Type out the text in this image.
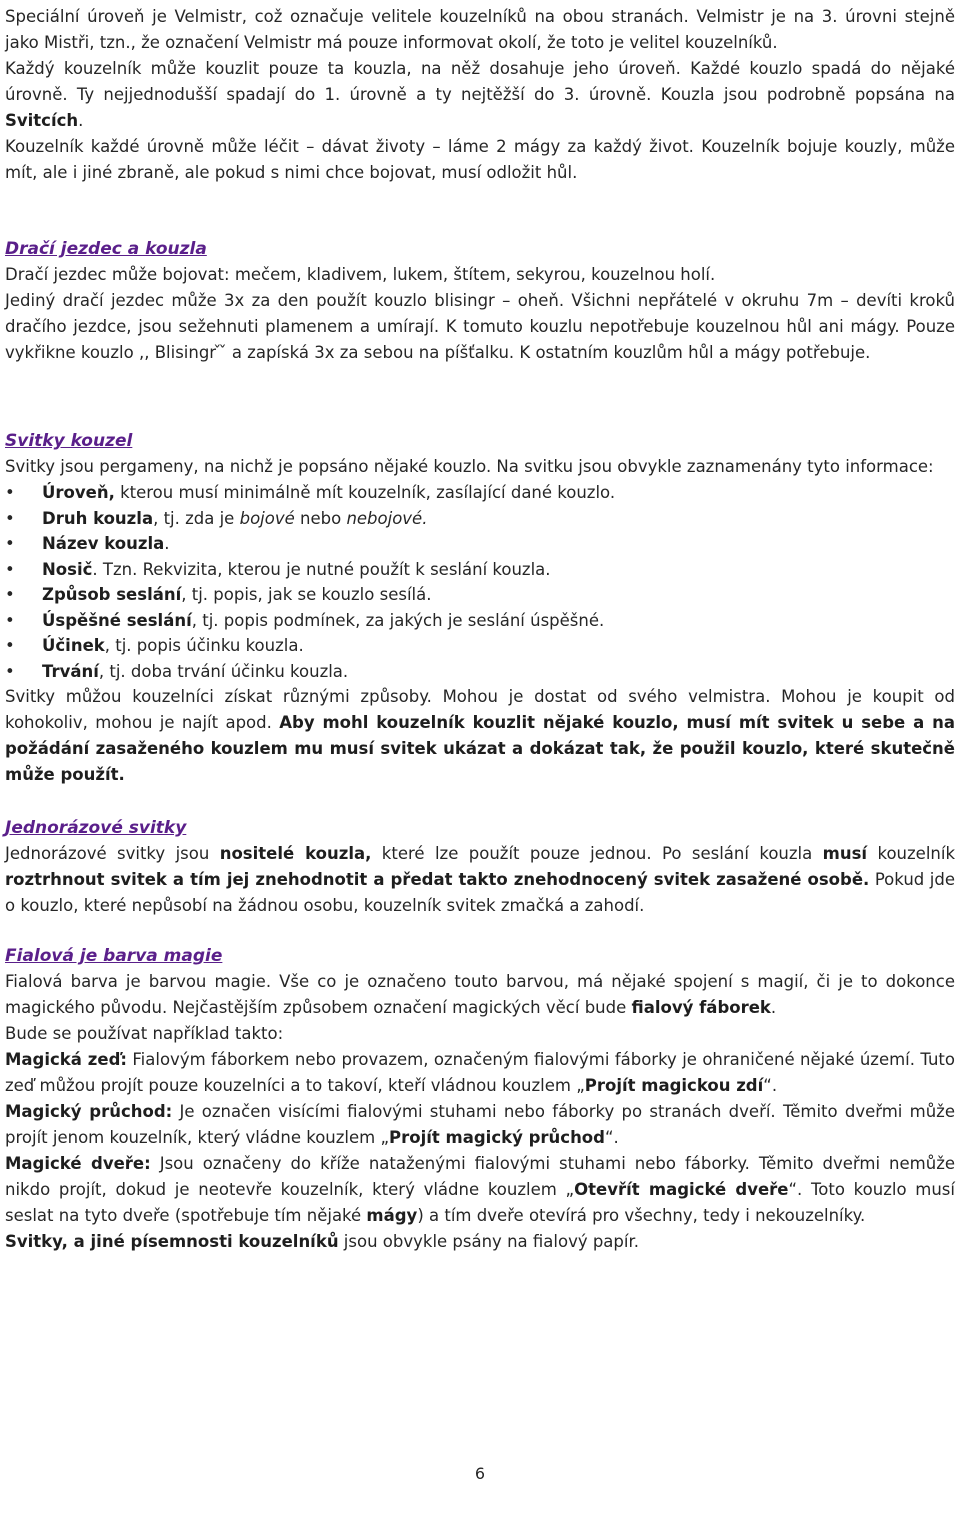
Speciální úroveň je Velmistr, což označuje velitele kouzelníků na obou stranách. Velmistr je na 3. úrovni stejně jako Mistři, tzn., že označení Velmistr má pouze informovat okolí, že toto je velitel kouzelníků.

Každý kouzelník může kouzlit pouze ta kouzla, na něž dosahuje jeho úroveň. Každé kouzlo spadá do nějaké úrovně. Ty nejjednodušší spadají do 1. úrovně a ty nejtěžší do 3. úrovně. Kouzla jsou podrobně popsána na Svitcích.

Kouzelník každé úrovně může léčit – dávat životy – láme 2 mágy za každý život. Kouzelník bojuje kouzly, může mít, ale i jiné zbraně, ale pokud s nimi chce bojovat, musí odložit hůl.

Dračí jezdec a kouzla

Dračí jezdec může bojovat: mečem, kladivem, lukem, štítem, sekyrou, kouzelnou holí.

Jediný dračí jezdec může 3x za den použít kouzlo blisingr – oheň. Všichni nepřátelé v okruhu 7m – devíti kroků dračího jezdce, jsou sežehnuti plamenem a umírají. K tomuto kouzlu nepotřebuje kouzelnou hůl ani mágy. Pouze vykřikne kouzlo ,, Blisingr ̌ ̌ a zapíská 3x za sebou na píšťalku. K ostatním kouzlům hůl a mágy potřebuje.

Svitky kouzel

Svitky jsou pergameny, na nichž je popsáno nějaké kouzlo. Na svitku jsou obvykle zaznamenány tyto informace:

• Úroveň, kterou musí minimálně mít kouzelník, zasílající dané kouzlo.
• Druh kouzla, tj. zda je bojové nebo nebojové.
• Název kouzla.
• Nosič. Tzn. Rekvizita, kterou je nutné použít k seslání kouzla.
• Způsob seslání, tj. popis, jak se kouzlo sesílá.
• Úspěšné seslání, tj. popis podmínek, za jakých je seslání úspěšné.
• Účinek, tj. popis účinku kouzla.
• Trvání, tj. doba trvání účinku kouzla.

Svitky můžou kouzelníci získat různými způsoby. Mohou je dostat od svého velmistra. Mohou je koupit od kohokoliv, mohou je najít apod. Aby mohl kouzelník kouzlit nějaké kouzlo, musí mít svitek u sebe a na požádání zasaženého kouzlem mu musí svitek ukázat a dokázat tak, že použil kouzlo, které skutečně může použít.

Jednorázové svitky

Jednorázové svitky jsou nositelé kouzla, které lze použít pouze jednou. Po seslání kouzla musí kouzelník roztrhnout svitek a tím jej znehodnotit a předat takto znehodnocený svitek zasažené osobě. Pokud jde o kouzlo, které nepůsobí na žádnou osobu, kouzelník svitek zmačká a zahodí.

Fialová je barva magie

Fialová barva je barvou magie. Vše co je označeno touto barvou, má nějaké spojení s magií, či je to dokonce magického původu. Nejčastějším způsobem označení magických věcí bude fialový fáborek.

Bude se používat například takto:

Magická zeď: Fialovým fáborkem nebo provazem, označeným fialovými fáborky je ohraničené nějaké území. Tuto zeď můžou projít pouze kouzelníci a to takoví, kteří vládnou kouzlem „Projít magickou zdí“.

Magický průchod: Je označen visícími fialovými stuhami nebo fáborky po stranách dveří. Těmito dveřmi může projít jenom kouzelník, který vládne kouzlem „Projít magický průchod“.

Magické dveře: Jsou označeny do kříže nataženými fialovými stuhami nebo fáborky. Těmito dveřmi nemůže nikdo projít, dokud je neotevře kouzelník, který vládne kouzlem „Otevřít magické dveře“. Toto kouzlo musí seslat na tyto dveře (spotřebuje tím nějaké mágy) a tím dveře otevírá pro všechny, tedy i nekouzelníky.

Svitky, a jiné písemnosti kouzelníků jsou obvykle psány na fialový papír.

6
